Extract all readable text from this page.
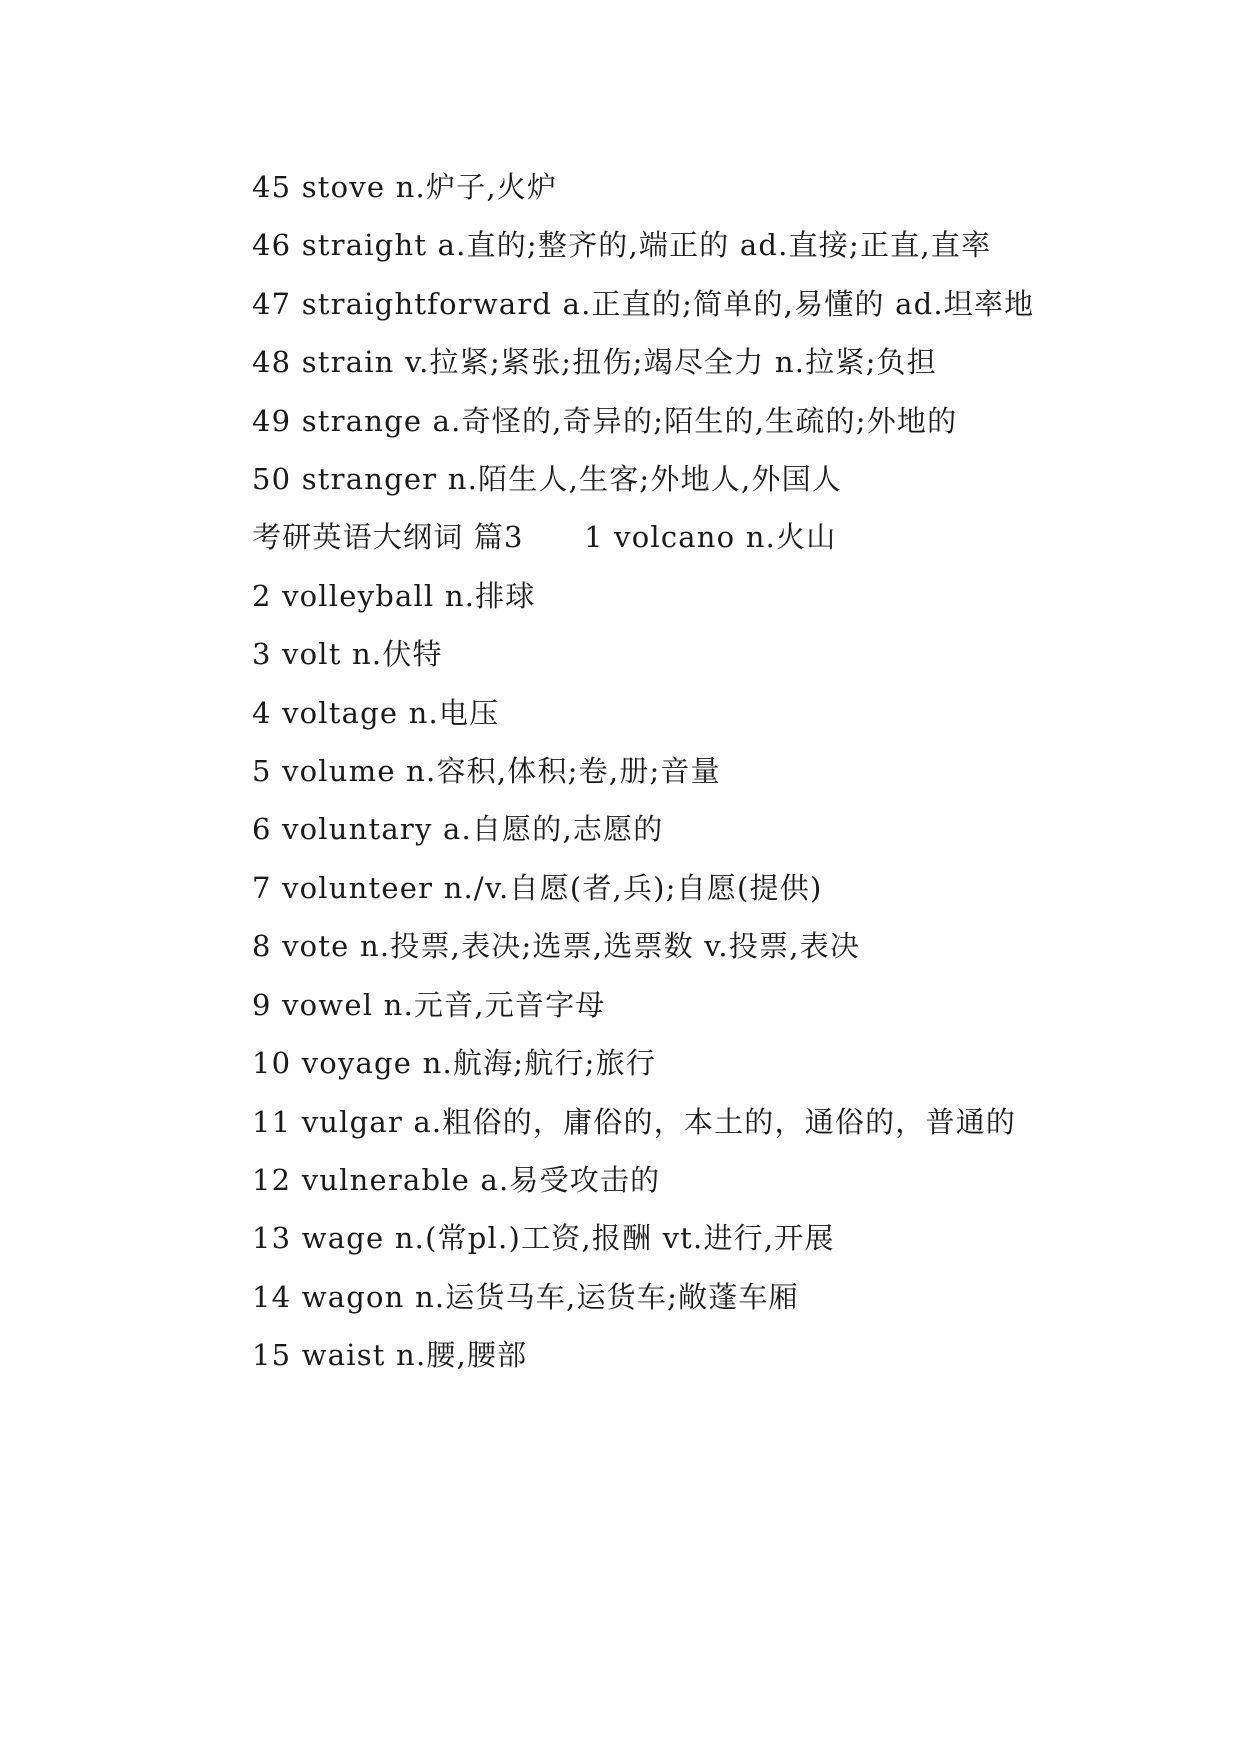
45 stove n.炉子,火炉

46 straight a.直的;整齐的,端正的 ad.直接;正直,直率

47 straightforward a.正直的;简单的,易懂的 ad.坦率地

48 strain v.拉紧;紧张;扭伤;竭尽全力 n.拉紧;负担

49 strange a.奇怪的,奇异的;陌生的,生疏的;外地的

50 stranger n.陌生人,生客;外地人,外国人

考研英语大纲词 篇3　　1 volcano n.火山

2 volleyball n.排球

3 volt n.伏特

4 voltage n.电压

5 volume n.容积,体积;卷,册;音量

6 voluntary a.自愿的,志愿的

7 volunteer n./v.自愿(者,兵);自愿(提供)

8 vote n.投票,表决;选票,选票数 v.投票,表决

9 vowel n.元音,元音字母

10 voyage n.航海;航行;旅行

11 vulgar a.粗俗的，庸俗的，本土的，通俗的，普通的

12 vulnerable a.易受攻击的

13 wage n.(常pl.)工资,报酬 vt.进行,开展

14 wagon n.运货马车,运货车;敞蓬车厢

15 waist n.腰,腰部
